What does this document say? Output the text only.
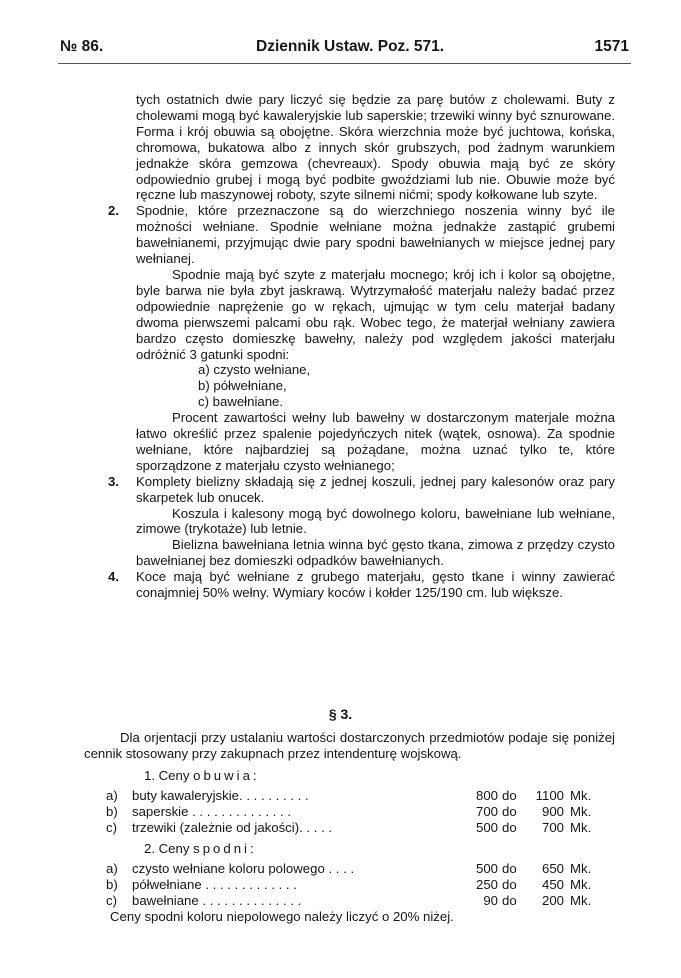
№ 86.	Dziennik Ustaw. Poz. 571.	1571

tych ostatnich dwie pary liczyć się będzie za parę butów z cholewami. Buty z cholewami mogą być kawaleryjskie lub saperskie; trzewiki winny być sznurowane. Forma i krój obuwia są obojętne. Skóra wierzchnia może być juchtowa, końska, chromowa, bukatowa albo z innych skór grubszych, pod żadnym warunkiem jednakże skóra gemzowa (chevreaux). Spody obuwia mają być ze skóry odpowiednio grubej i mogą być podbite gwoździami lub nie. Obuwie może być ręczne lub maszynowej roboty, szyte silnemi nićmi; spody kołkowane lub szyte.

2.	Spodnie, które przeznaczone są do wierzchniego noszenia winny być ile możności wełniane. Spodnie wełniane można jednakże zastąpić grubemi bawełnianemi, przyjmując dwie pary spodni bawełnianych w miejsce jednej pary wełnianej.

Spodnie mają być szyte z materjału mocnego; krój ich i kolor są obojętne, byle barwa nie była zbyt jaskrawą. Wytrzymałość materjału należy badać przez odpowiednie naprężenie go w rękach, ujmując w tym celu materjał badany dwoma pierwszemi palcami obu rąk. Wobec tego, że materjał wełniany zawiera bardzo często domieszkę bawełny, należy pod względem jakości materjału odróżnić 3 gatunki spodni:

a) czysto wełniane,

b) półwełniane,

c) bawełniane.

Procent zawartości wełny lub bawełny w dostarczonym materjale można łatwo określić przez spalenie pojedyńczych nitek (wątek, osnowa). Za spodnie wełniane, które najbardziej są pożądane, można uznać tylko te, które sporządzone z materjału czysto wełnianego;

3.	Komplety bielizny składają się z jednej koszuli, jednej pary kalesonów oraz pary skarpetek lub onucek.

Koszula i kalesony mogą być dowolnego koloru, bawełniane lub wełniane, zimowe (trykotaże) lub letnie.

Bielizna bawełniana letnia winna być gęsto tkana, zimowa z przędzy czysto bawełnianej bez domieszki odpadków bawełnianych.

4.	Koce mają być wełniane z grubego materjału, gęsto tkane i winny zawierać conajmniej 50% wełny. Wymiary koców i kołder 125/190 cm. lub większe.

§ 3.

Dla orjentacji przy ustalaniu wartości dostarczonych przedmiotów podaje się poniżej cennik stosowany przy zakupnach przez intendenturę wojskową.

1. Ceny obuwia:

a) buty kawaleryjskie. . . . . . . . . .	800 do	1100 Mk.
b) saperskie . . . . . . . . . . . . . .	700 do	900 Mk.
c) trzewiki (zależnie od jakości). . . . .	500 do	700 Mk.

2. Ceny spodni:

a) czysto wełniane koloru polowego . . . .	500 do	650 Mk.
b) półwełniane . . . . . . . . . . . . .	250 do	450 Mk.
c) bawełniane . . . . . . . . . . . . . .	90 do	200 Mk.

Ceny spodni koloru niepolowego należy liczyć o 20% niżej.
